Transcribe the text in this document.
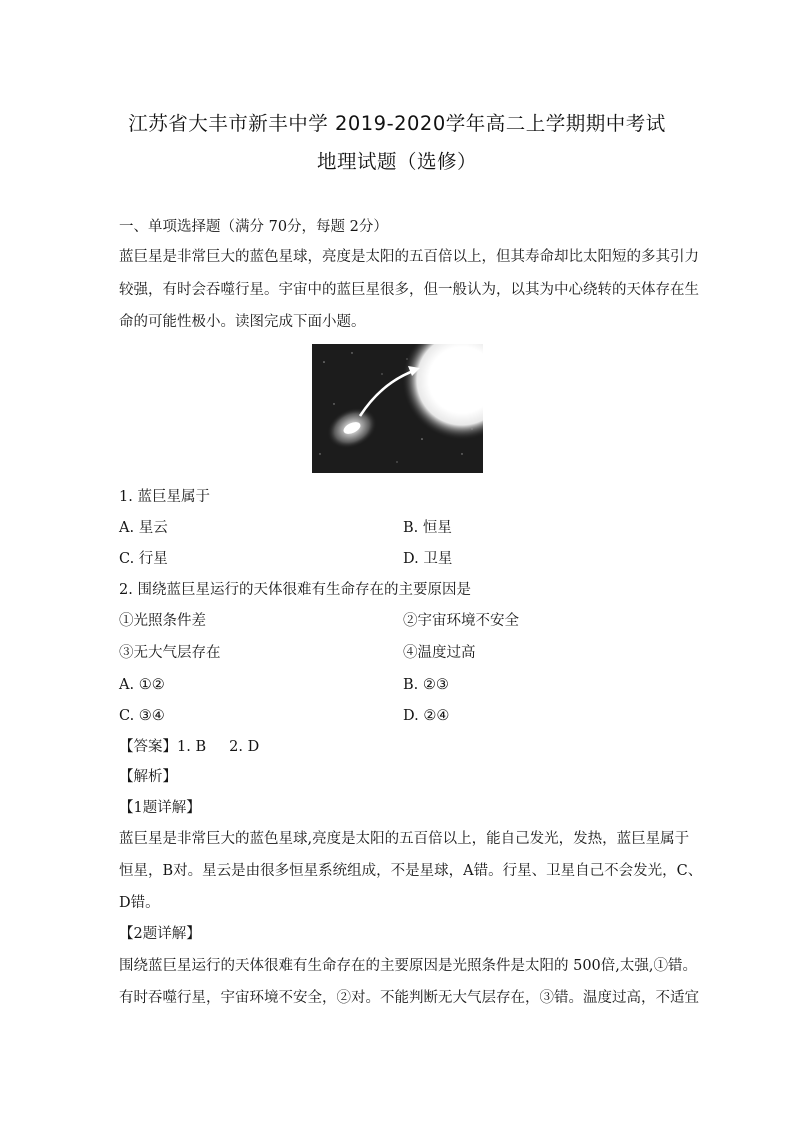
江苏省大丰市新丰中学 2019-2020学年高二上学期期中考试
地理试题（选修）
一、单项选择题（满分 70分，每题 2分）
蓝巨星是非常巨大的蓝色星球，亮度是太阳的五百倍以上，但其寿命却比太阳短的多其引力
较强，有时会吞噬行星。宇宙中的蓝巨星很多，但一般认为，以其为中心绕转的天体存在生
命的可能性极小。读图完成下面小题。
1. 蓝巨星属于
A. 星云	B. 恒星
C. 行星	D. 卫星
2. 围绕蓝巨星运行的天体很难有生命存在的主要原因是
①光照条件差	②宇宙环境不安全
③无大气层存在	④温度过高
A. ①②	B. ②③
C. ③④	D. ②④
【答案】1. B     2. D
【解析】
【1题详解】
蓝巨星是非常巨大的蓝色星球,亮度是太阳的五百倍以上，能自己发光，发热，蓝巨星属于
恒星，B对。星云是由很多恒星系统组成，不是星球，A错。行星、卫星自己不会发光，C、
D错。
【2题详解】
围绕蓝巨星运行的天体很难有生命存在的主要原因是光照条件是太阳的 500倍,太强,①错。
有时吞噬行星，宇宙环境不安全，②对。不能判断无大气层存在，③错。温度过高，不适宜
